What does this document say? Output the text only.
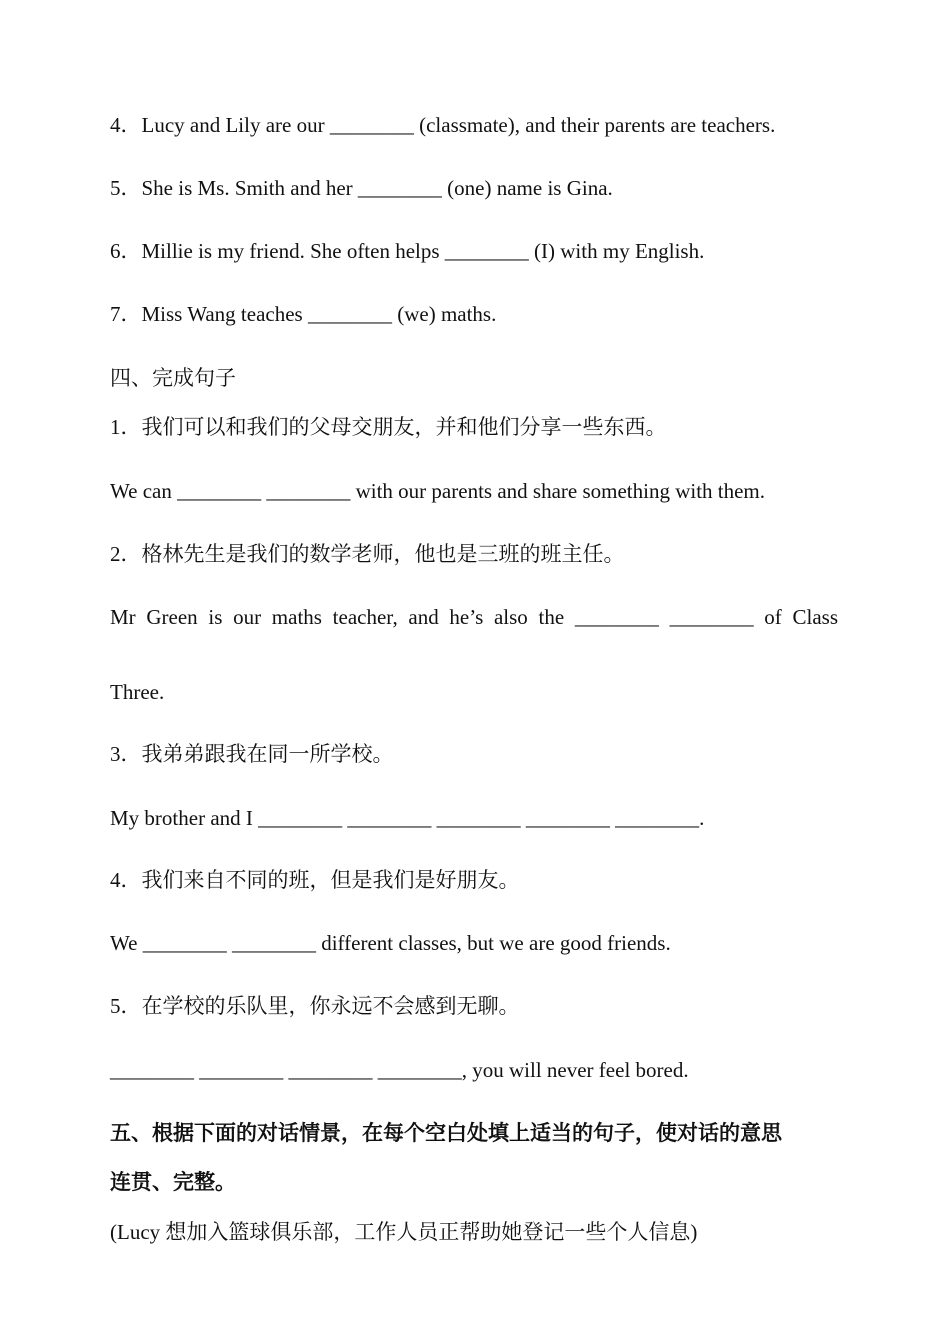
4．Lucy and Lily are our ________ (classmate), and their parents are teachers.
5．She is Ms. Smith and her ________ (one) name is Gina.
6．Millie is my friend. She often helps ________ (I) with my English.
7．Miss Wang teaches ________ (we) maths.
四、完成句子
1．我们可以和我们的父母交朋友，并和他们分享一些东西。
We can ________ ________ with our parents and share something with them.
2．格林先生是我们的数学老师，他也是三班的班主任。
Mr Green is our maths teacher, and he’s also the ________ ________ of Class
Three.
3．我弟弟跟我在同一所学校。
My brother and I ________ ________ ________ ________ ________.
4．我们来自不同的班，但是我们是好朋友。
We ________ ________ different classes, but we are good friends.
5．在学校的乐队里，你永远不会感到无聊。
________ ________ ________ ________, you will never feel bored.
五、根据下面的对话情景，在每个空白处填上适当的句子，使对话的意思
连贯、完整。
(Lucy 想加入篮球俱乐部，工作人员正帮助她登记一些个人信息)
